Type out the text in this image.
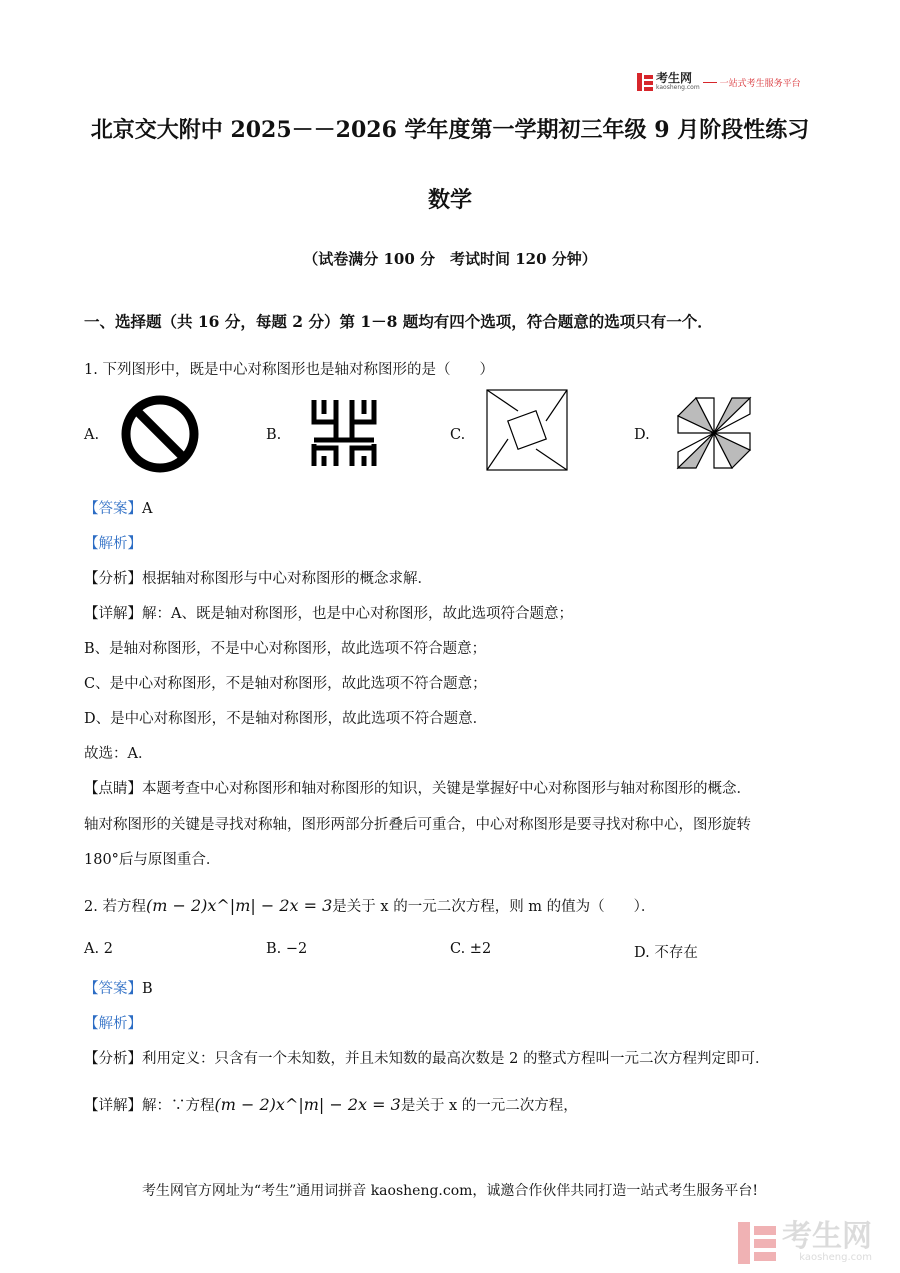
考生网
kaosheng.com 一站式考生服务平台
北京交大附中 2025－－2026 学年度第一学期初三年级 9 月阶段性练习
数学
（试卷满分 100 分　考试时间 120 分钟）
一、选择题（共 16 分，每题 2 分）第 1－8 题均有四个选项，符合题意的选项只有一个．
1. 下列图形中，既是中心对称图形也是轴对称图形的是（　　）
A.	B.	C.	D.
【答案】A
【解析】
【分析】根据轴对称图形与中心对称图形的概念求解．
【详解】解：A、既是轴对称图形，也是中心对称图形，故此选项符合题意；
B、是轴对称图形，不是中心对称图形，故此选项不符合题意；
C、是中心对称图形，不是轴对称图形，故此选项不符合题意；
D、是中心对称图形，不是轴对称图形，故此选项不符合题意．
故选：A．
【点睛】本题考查中心对称图形和轴对称图形的知识，关键是掌握好中心对称图形与轴对称图形的概念．
轴对称图形的关键是寻找对称轴，图形两部分折叠后可重合，中心对称图形是要寻找对称中心，图形旋转
180°后与原图重合．
2. 若方程(m − 2)x^|m| − 2x = 3是关于 x 的一元二次方程，则 m 的值为（　　）．
A. 2	B. −2	C. ±2	D. 不存在
【答案】B
【解析】
【分析】利用定义：只含有一个未知数，并且未知数的最高次数是 2 的整式方程叫一元二次方程判定即可．
【详解】解：∵方程(m − 2)x^|m| − 2x = 3是关于 x 的一元二次方程，
考生网官方网址为“考生”通用词拼音 kaosheng.com，诚邀合作伙伴共同打造一站式考生服务平台!
考生网
kaosheng.com
